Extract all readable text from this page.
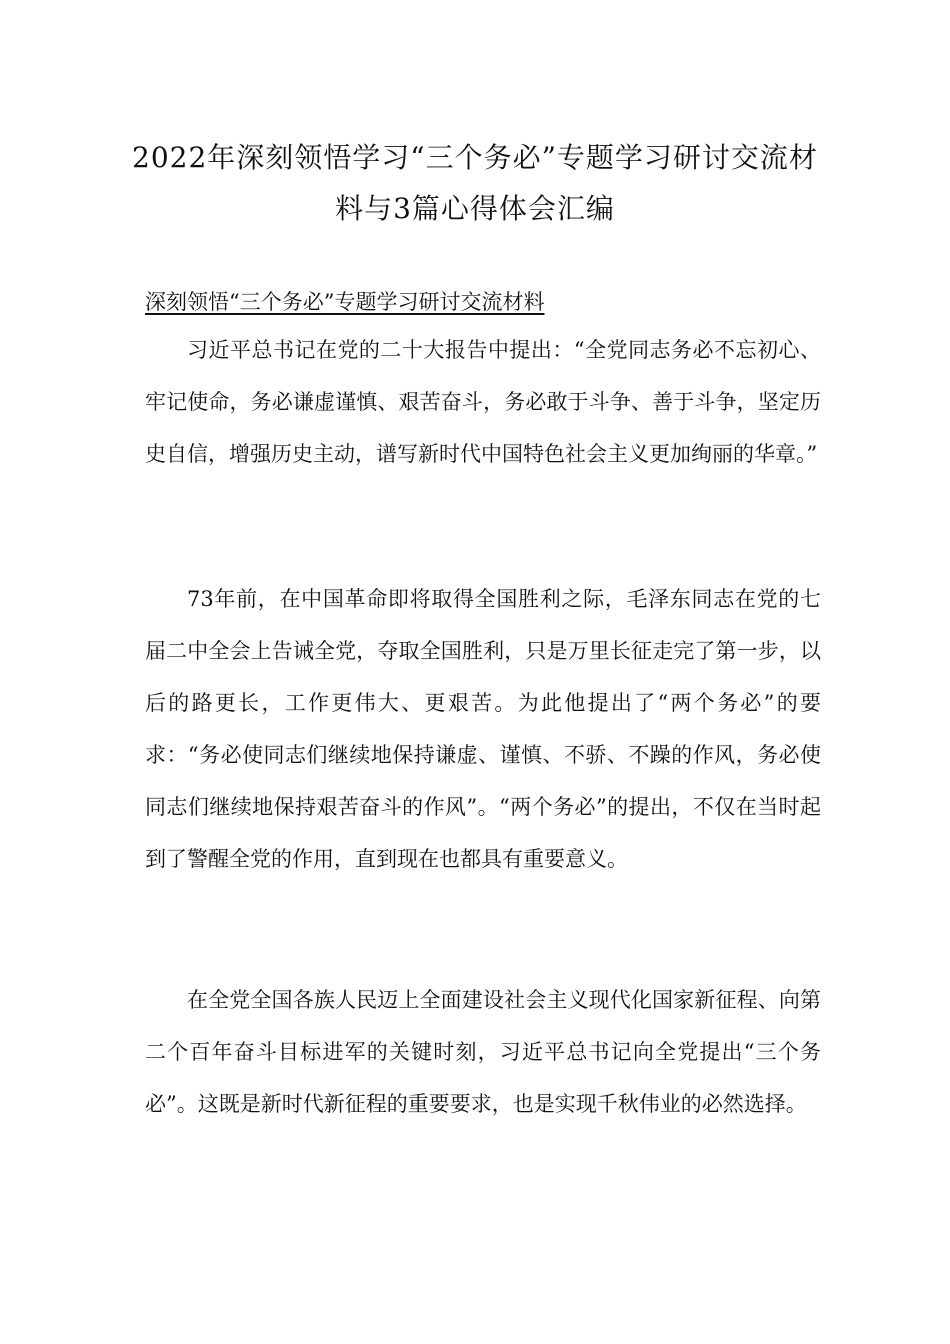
2022年深刻领悟学习“三个务必”专题学习研讨交流材料与3篇心得体会汇编
深刻领悟“三个务必”专题学习研讨交流材料

习近平总书记在党的二十大报告中提出：“全党同志务必不忘初心、牢记使命，务必谦虚谨慎、艰苦奋斗，务必敢于斗争、善于斗争，坚定历史自信，增强历史主动，谱写新时代中国特色社会主义更加绚丽的华章。”

73年前，在中国革命即将取得全国胜利之际，毛泽东同志在党的七届二中全会上告诫全党，夺取全国胜利，只是万里长征走完了第一步，以后的路更长，工作更伟大、更艰苦。为此他提出了“两个务必”的要求：“务必使同志们继续地保持谦虚、谨慎、不骄、不躁的作风，务必使同志们继续地保持艰苦奋斗的作风”。“两个务必”的提出，不仅在当时起到了警醒全党的作用，直到现在也都具有重要意义。

在全党全国各族人民迈上全面建设社会主义现代化国家新征程、向第二个百年奋斗目标进军的关键时刻，习近平总书记向全党提出“三个务必”。这既是新时代新征程的重要要求，也是实现千秋伟业的必然选择。
